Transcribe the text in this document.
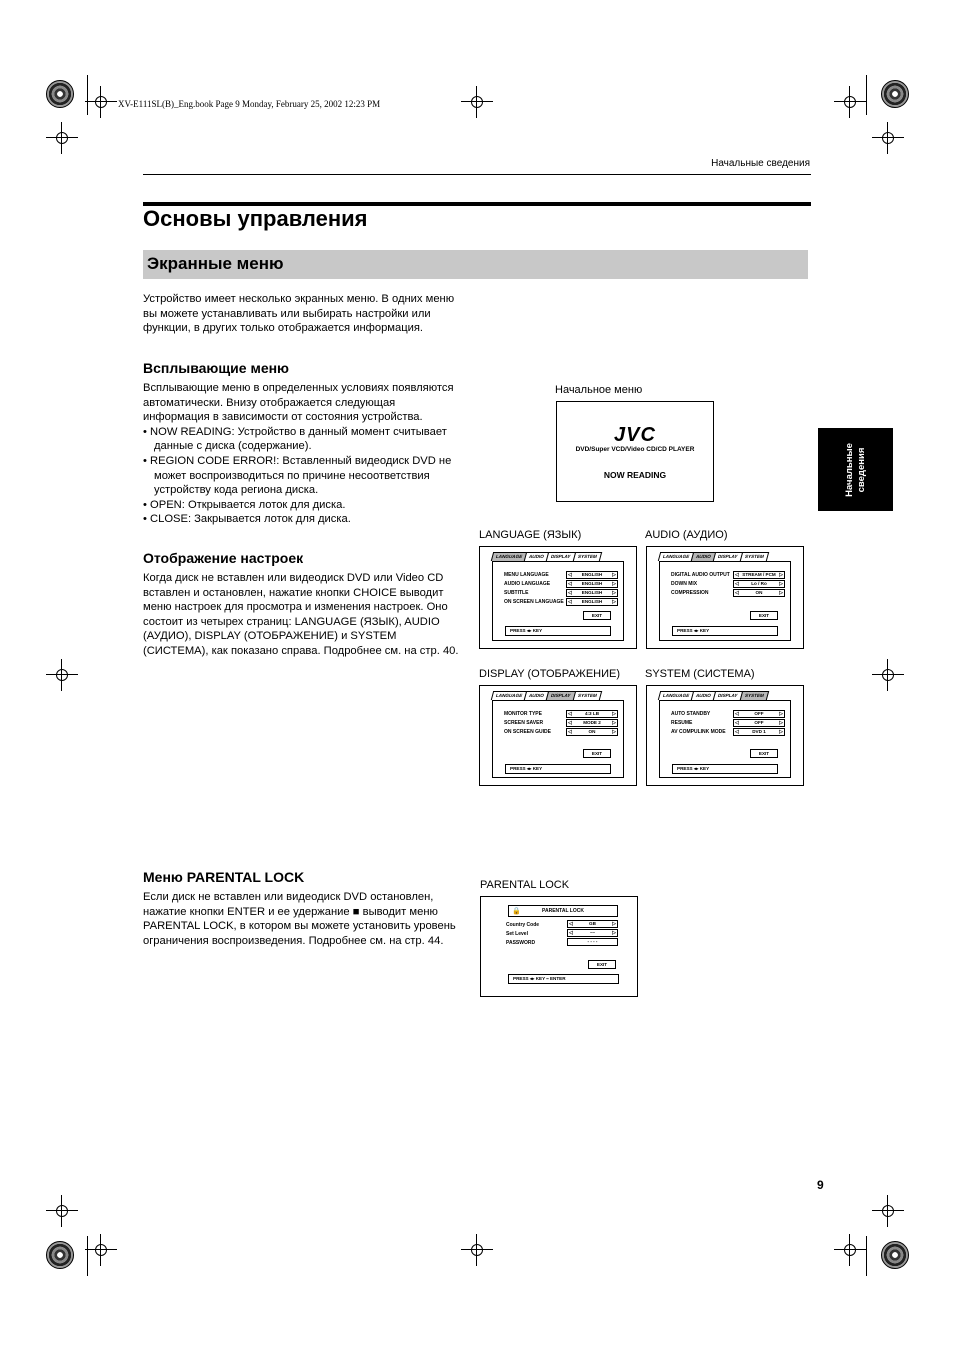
XV-E111SL(B)_Eng.book Page 9 Monday, February 25, 2002 12:23 PM
Начальные сведения
Основы управления
Экранные меню
Устройство имеет несколько экранных меню. В одних меню вы можете устанавливать или выбирать настройки или функции, в других только отображается информация.
Всплывающие меню
Всплывающие меню в определенных условиях появляются автоматически. Внизу отображается следующая информация в зависимости от состояния устройства.
• NOW READING: Устройство в данный момент считывает данные с диска (содержание).
• REGION CODE ERROR!: Вставленный видеодиск DVD не может воспроизводиться по причине несоответствия устройству кода региона диска.
• OPEN: Открывается лоток для диска.
• CLOSE: Закрывается лоток для диска.
Отображение настроек
Когда диск не вставлен или видеодиск DVD или Video CD вставлен и остановлен, нажатие кнопки CHOICE выводит меню настроек для просмотра и изменения настроек. Оно состоит из четырех страниц: LANGUAGE (ЯЗЫК), AUDIO (АУДИО), DISPLAY (ОТОБРАЖЕНИЕ) и SYSTEM (СИСТЕМА), как показано справа. Подробнее см. на стр. 40.
Меню PARENTAL LOCK
Если диск не вставлен или видеодиск DVD остановлен, нажатие кнопки ENTER и ее удержание ■ выводит меню PARENTAL LOCK, в котором вы можете установить уровень ограничения воспроизведения. Подробнее см. на стр. 44.
Начальные сведения
9
Начальное меню
JVC
DVD/Super VCD/Video CD/CD PLAYER
NOW READING
LANGUAGE (ЯЗЫК)
LANGUAGE	AUDIO	DISPLAY	SYSTEM
MENU LANGUAGE	◁ ENGLISH ▷
AUDIO LANGUAGE	◁ ENGLISH ▷
SUBTITLE	◁ ENGLISH ▷
ON SCREEN LANGUAGE	◁ ENGLISH ▷
EXIT
PRESS ◂▸ KEY
AUDIO (АУДИО)
LANGUAGE	AUDIO	DISPLAY	SYSTEM
DIGITAL AUDIO OUTPUT	◁ STREAM / PCM ▷
DOWN MIX	◁ Lo / Ro ▷
COMPRESSION	◁ ON ▷
EXIT
PRESS ◂▸ KEY
DISPLAY (ОТОБРАЖЕНИЕ)
LANGUAGE	AUDIO	DISPLAY	SYSTEM
MONITOR TYPE	◁ 4:3 LB ▷
SCREEN SAVER	◁ MODE 2 ▷
ON SCREEN GUIDE	◁ ON ▷
EXIT
PRESS ◂▸ KEY
SYSTEM (СИСТЕМА)
LANGUAGE	AUDIO	DISPLAY	SYSTEM
AUTO STANDBY	◁ OFF ▷
RESUME	◁ OFF ▷
AV COMPULINK MODE	◁ DVD 1 ▷
EXIT
PRESS ◂▸ KEY
PARENTAL LOCK
🔒	PARENTAL LOCK
Country Code	◁ GB ▷
Set Level	◁ –– ▷
PASSWORD	- - - -
EXIT
PRESS ◂▸ KEY ⎯ ENTER
